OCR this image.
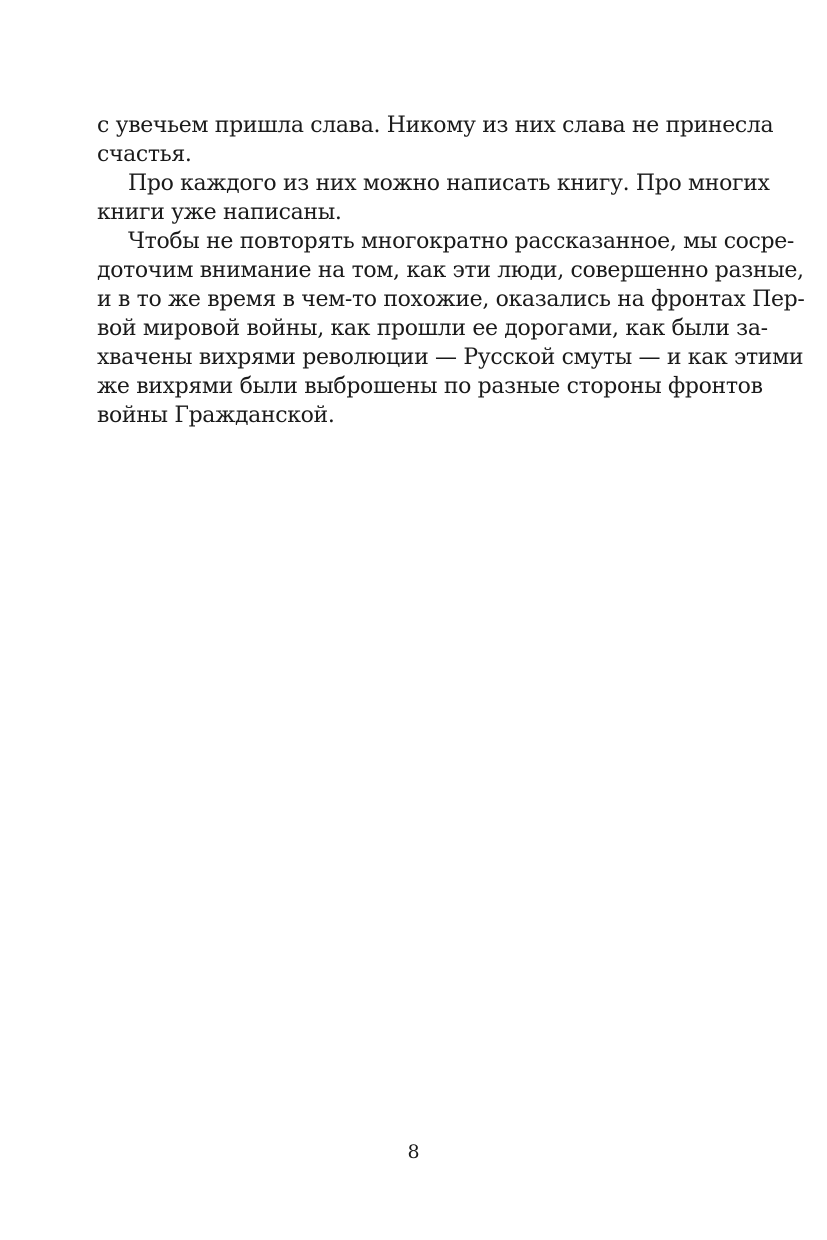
с увечьем пришла слава. Никому из них слава не принесла
счастья.
Про каждого из них можно написать книгу. Про многих
книги уже написаны.
Чтобы не повторять многократно рассказанное, мы сосре-
доточим внимание на том, как эти люди, совершенно разные,
и в то же время в чем-то похожие, оказались на фронтах Пер-
вой мировой войны, как прошли ее дорогами, как были за-
хвачены вихрями революции — Русской смуты — и как этими
же вихрями были выброшены по разные стороны фронтов
войны Гражданской.
8
